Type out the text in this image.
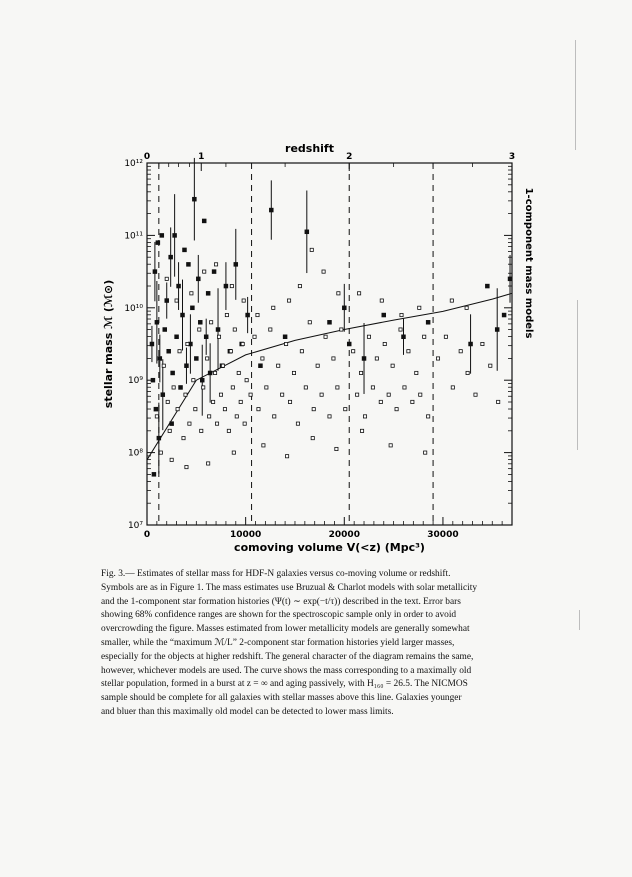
10⁷
10⁸
10⁹
10¹⁰
10¹¹
10¹²
0	10000	20000	30000
0	1	2	3
redshift
comoving volume V(<z) (Mpc³)
stellar mass ℳ (ℳ⊙)
1-component mass models
Fig. 3.— Estimates of stellar mass for HDF-N galaxies versus co-moving volume or redshift.
Symbols are as in Figure 1. The mass estimates use Bruzual & Charlot models with solar metallicity
and the 1-component star formation histories (Ψ(t) ∼ exp(−t/τ)) described in the text. Error bars
showing 68% confidence ranges are shown for the spectroscopic sample only in order to avoid
overcrowding the figure. Masses estimated from lower metallicity models are generally somewhat
smaller, while the “maximum ℳ/L” 2-component star formation histories yield larger masses,
especially for the objects at higher redshift. The general character of the diagram remains the same,
however, whichever models are used. The curve shows the mass corresponding to a maximally old
stellar population, formed in a burst at z = ∞ and aging passively, with H₁₆₀ = 26.5. The NICMOS
sample should be complete for all galaxies with stellar masses above this line. Galaxies younger
and bluer than this maximally old model can be detected to lower mass limits.
